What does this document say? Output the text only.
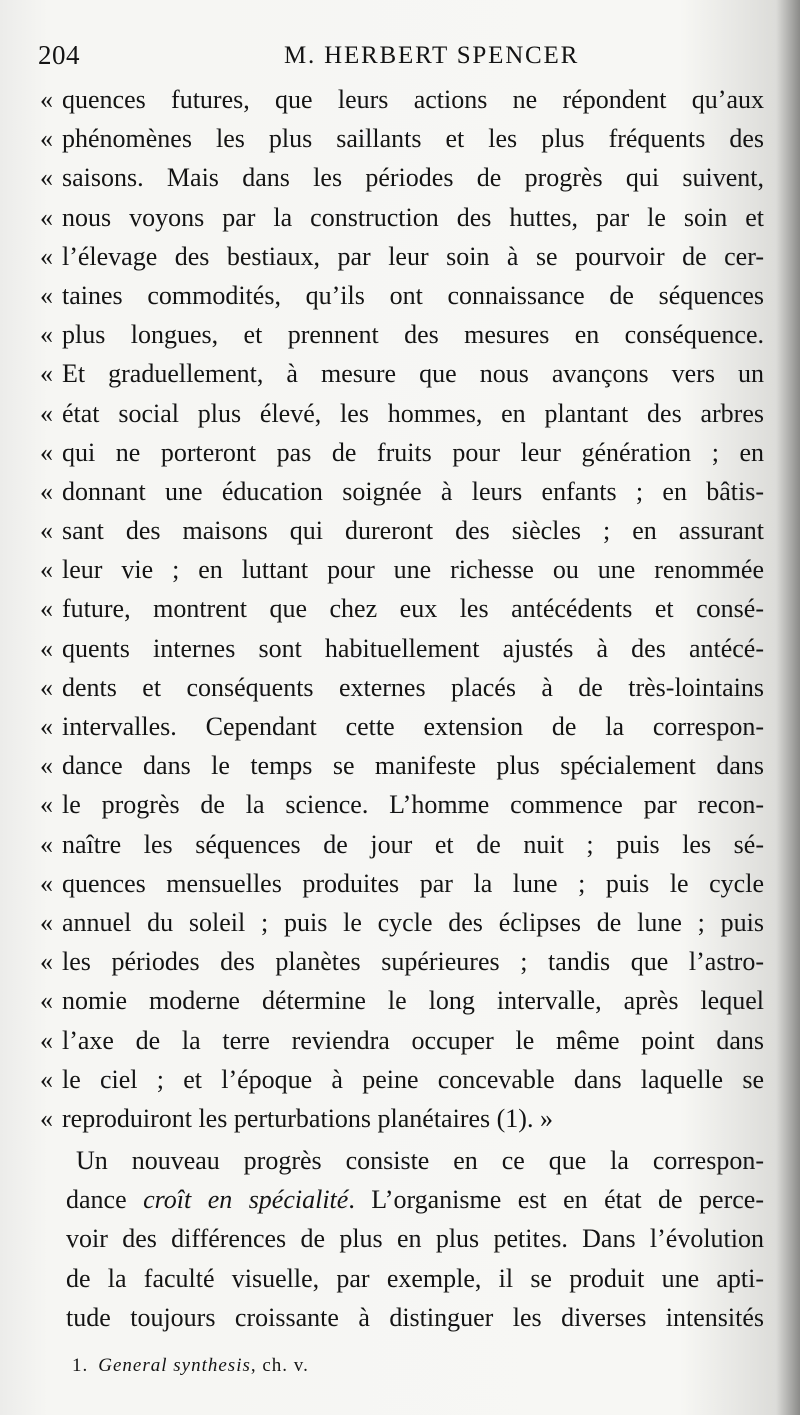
204	M. HERBERT SPENCER
« quences futures, que leurs actions ne répondent qu’aux
« phénomènes les plus saillants et les plus fréquents des
« saisons. Mais dans les périodes de progrès qui suivent,
« nous voyons par la construction des huttes, par le soin et
« l’élevage des bestiaux, par leur soin à se pourvoir de cer-
« taines commodités, qu’ils ont connaissance de séquences
« plus longues, et prennent des mesures en conséquence.
« Et graduellement, à mesure que nous avançons vers un
« état social plus élevé, les hommes, en plantant des arbres
« qui ne porteront pas de fruits pour leur génération ; en
« donnant une éducation soignée à leurs enfants ; en bâtis-
« sant des maisons qui dureront des siècles ; en assurant
« leur vie ; en luttant pour une richesse ou une renommée
« future, montrent que chez eux les antécédents et consé-
« quents internes sont habituellement ajustés à des antécé-
« dents et conséquents externes placés à de très-lointains
« intervalles. Cependant cette extension de la correspon-
« dance dans le temps se manifeste plus spécialement dans
« le progrès de la science. L’homme commence par recon-
« naître les séquences de jour et de nuit ; puis les sé-
« quences mensuelles produites par la lune ; puis le cycle
« annuel du soleil ; puis le cycle des éclipses de lune ; puis
« les périodes des planètes supérieures ; tandis que l’astro-
« nomie moderne détermine le long intervalle, après lequel
« l’axe de la terre reviendra occuper le même point dans
« le ciel ; et l’époque à peine concevable dans laquelle se
« reproduiront les perturbations planétaires (1). »
Un nouveau progrès consiste en ce que la correspon-
dance croît en spécialité. L’organisme est en état de perce-
voir des différences de plus en plus petites. Dans l’évolution
de la faculté visuelle, par exemple, il se produit une apti-
tude toujours croissante à distinguer les diverses intensités
1. General synthesis, ch. v.
